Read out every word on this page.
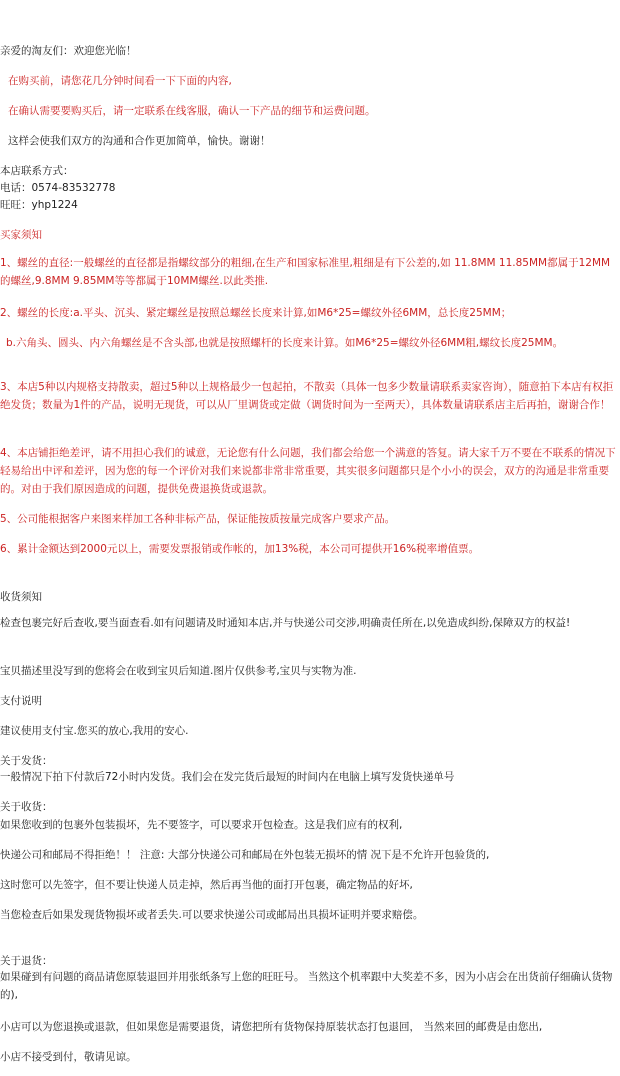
亲爱的淘友们：欢迎您光临！
在购买前，请您花几分钟时间看一下下面的内容,
在确认需要要购买后，请一定联系在线客服，确认一下产品的细节和运费问题。
这样会使我们双方的沟通和合作更加简单，愉快。谢谢！
本店联系方式：
电话：0574-83532778
旺旺：yhp1224
买家须知
1、螺丝的直径:一般螺丝的直径都是指螺纹部分的粗细,在生产和国家标准里,粗细是有下公差的,如 11.8MM 11.85MM都属于12MM的螺丝,9.8MM 9.85MM等等都属于10MM螺丝.以此类推.
2、螺丝的长度:a.平头、沉头、紧定螺丝是按照总螺丝长度来计算,如M6*25=螺纹外径6MM，总长度25MM；
b.六角头、圆头、内六角螺丝是不含头部,也就是按照螺杆的长度来计算。如M6*25=螺纹外径6MM粗,螺纹长度25MM。
3、本店5种以内规格支持散卖，超过5种以上规格最少一包起拍，不散卖（具体一包多少数量请联系卖家咨询），随意拍下本店有权拒绝发货；数量为1件的产品，说明无现货，可以从厂里调货或定做（调货时间为一至两天），具体数量请联系店主后再拍，谢谢合作！
4、本店铺拒绝差评，请不用担心我们的诚意，无论您有什么问题，我们都会给您一个满意的答复。请大家千万不要在不联系的情况下轻易给出中评和差评，因为您的每一个评价对我们来说都非常非常重要，其实很多问题都只是个小小的误会，双方的沟通是非常重要的。对由于我们原因造成的问题，提供免费退换货或退款。
5、公司能根据客户来图来样加工各种非标产品，保证能按质按量完成客户要求产品。
6、累计金额达到2000元以上，需要发票报销或作帐的，加13%税，本公司可提供开16%税率增值票。
收货须知
检查包裹完好后查收,要当面查看.如有问题请及时通知本店,并与快递公司交涉,明确责任所在,以免造成纠纷,保障双方的权益!
宝贝描述里没写到的您将会在收到宝贝后知道.图片仅供参考,宝贝与实物为准.
支付说明
建议使用支付宝.您买的放心,我用的安心.
关于发货：
一般情况下拍下付款后72小时内发货。我们会在发完货后最短的时间内在电脑上填写发货快递单号
关于收货：
如果您收到的包裹外包装损坏，先不要签字，可以要求开包检查。这是我们应有的权利,
快递公司和邮局不得拒绝！！ 注意: 大部分快递公司和邮局在外包装无损坏的情 况下是不允许开包验货的,
这时您可以先签字，但不要让快递人员走掉，然后再当他的面打开包裹，确定物品的好坏,
当您检查后如果发现货物损坏或者丢失.可以要求快递公司或邮局出具损坏证明并要求赔偿。
关于退货：
如果碰到有问题的商品请您原装退回并用张纸条写上您的旺旺号。 当然这个机率跟中大奖差不多，因为小店会在出货前仔细确认货物的),
小店可以为您退换或退款，但如果您是需要退货，请您把所有货物保持原装状态打包退回， 当然来回的邮费是由您出,
小店不接受到付，敬请见谅。
